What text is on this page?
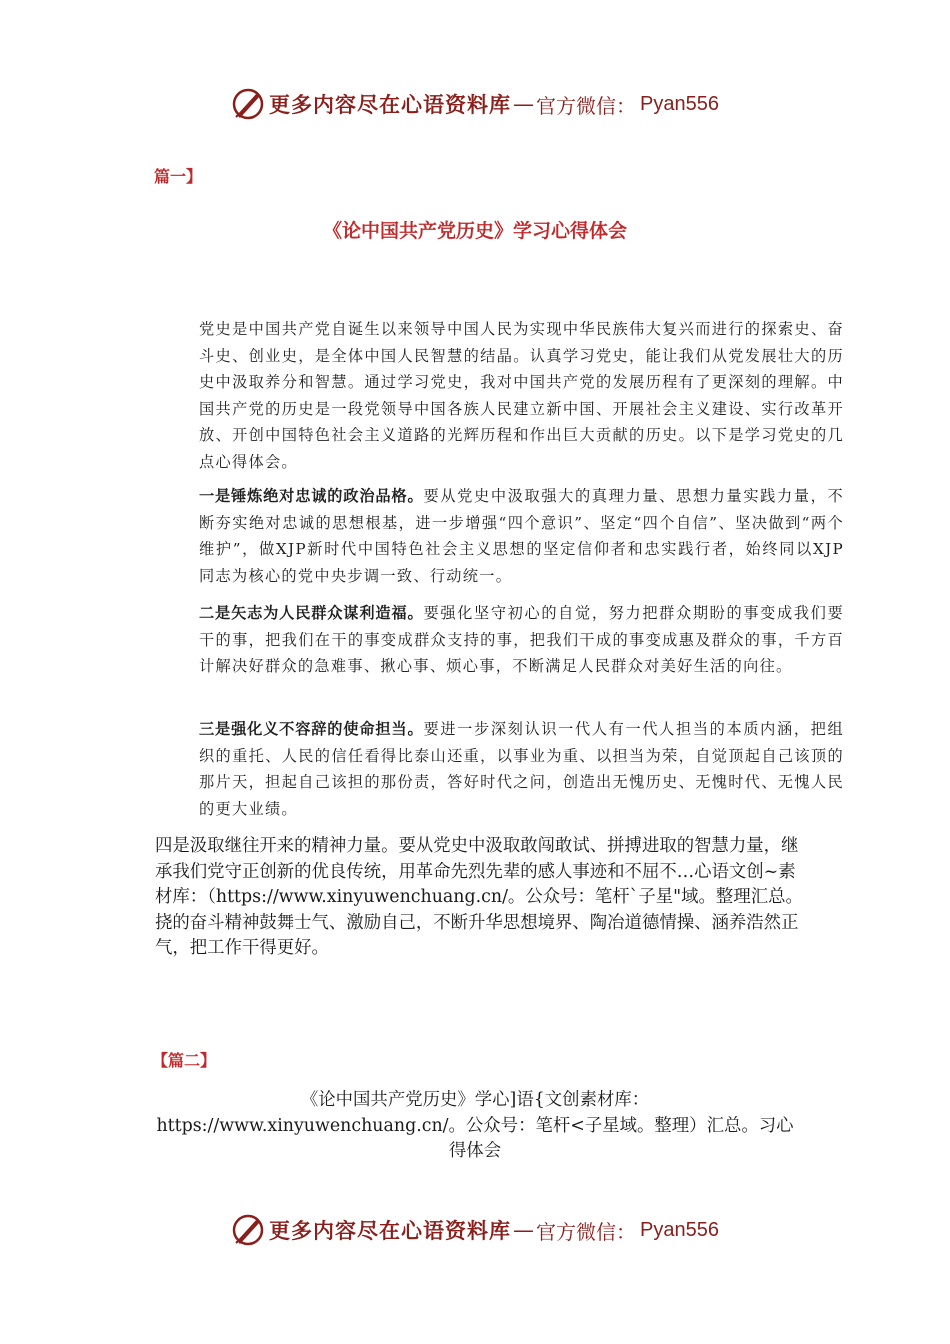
更多内容尽在心语资料库 — 官方微信： Pyan556
篇一】
《论中国共产党历史》学习心得体会

党史是中国共产党自诞生以来领导中国人民为实现中华民族伟大复兴而进行的探索史、奋斗史、创业史，是全体中国人民智慧的结晶。认真学习党史，能让我们从党发展壮大的历史中汲取养分和智慧。通过学习党史，我对中国共产党的发展历程有了更深刻的理解。中国共产党的历史是一段党领导中国各族人民建立新中国、开展社会主义建设、实行改革开放、开创中国特色社会主义道路的光辉历程和作出巨大贡献的历史。以下是学习党史的几点心得体会。

一是锤炼绝对忠诚的政治品格。要从党史中汲取强大的真理力量、思想力量实践力量，不断夯实绝对忠诚的思想根基，进一步增强“四个意识”、坚定“四个自信”、坚决做到“两个维护”，做XJP新时代中国特色社会主义思想的坚定信仰者和忠实践行者，始终同以XJP同志为核心的党中央步调一致、行动统一。

二是矢志为人民群众谋利造福。要强化坚守初心的自觉，努力把群众期盼的事变成我们要干的事，把我们在干的事变成群众支持的事，把我们干成的事变成惠及群众的事，千方百计解决好群众的急难事、揪心事、烦心事，不断满足人民群众对美好生活的向往。

三是强化义不容辞的使命担当。要进一步深刻认识一代人有一代人担当的本质内涵，把组织的重托、人民的信任看得比泰山还重，以事业为重、以担当为荣，自觉顶起自己该顶的那片天，担起自己该担的那份责，答好时代之问，创造出无愧历史、无愧时代、无愧人民的更大业绩。

四是汲取继往开来的精神力量。要从党史中汲取敢闯敢试、拼搏进取的智慧力量，继承我们党守正创新的优良传统，用革命先烈先辈的感人事迹和不屈不…心语文创~素材库：（https://www.xinyuwenchuang.cn/。公众号：笔杆`子星"域。整理汇总。挠的奋斗精神鼓舞士气、激励自己，不断升华思想境界、陶冶道德情操、涵养浩然正气，把工作干得更好。

【篇二】

《论中国共产党历史》学心]语{文创素材库：https://www.xinyuwenchuang.cn/。公众号：笔杆<子星域。整理）汇总。习心得体会

更多内容尽在心语资料库 — 官方微信： Pyan556
